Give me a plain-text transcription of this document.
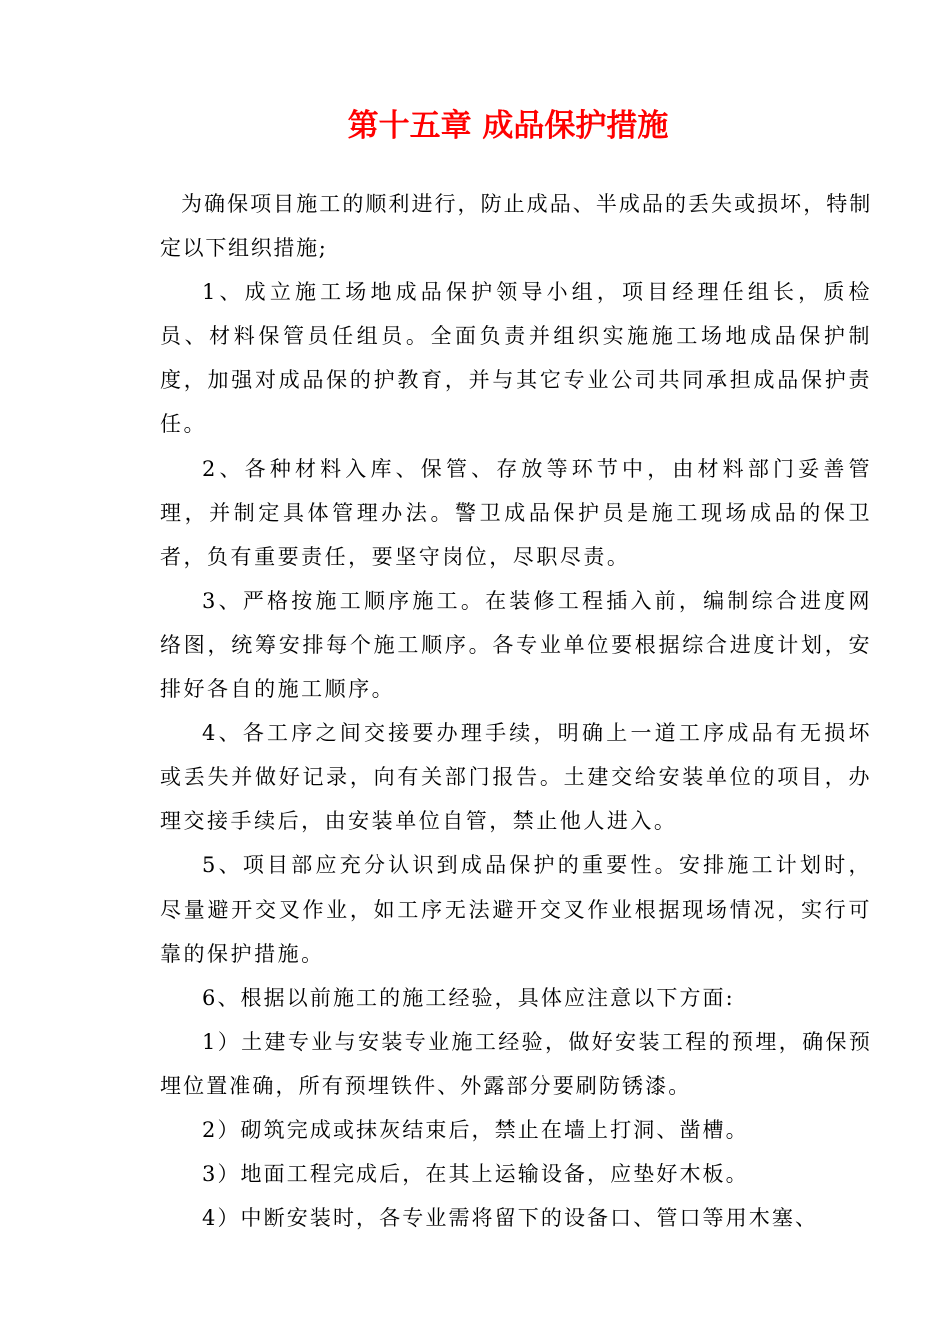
第十五章 成品保护措施

为确保项目施工的顺利进行，防止成品、半成品的丢失或损坏，特制定以下组织措施;

1、成立施工场地成品保护领导小组，项目经理任组长，质检员、材料保管员任组员。全面负责并组织实施施工场地成品保护制度，加强对成品保的护教育，并与其它专业公司共同承担成品保护责任。

2、各种材料入库、保管、存放等环节中，由材料部门妥善管理，并制定具体管理办法。警卫成品保护员是施工现场成品的保卫者，负有重要责任，要坚守岗位，尽职尽责。

3、严格按施工顺序施工。在装修工程插入前，编制综合进度网络图，统筹安排每个施工顺序。各专业单位要根据综合进度计划，安排好各自的施工顺序。

4、各工序之间交接要办理手续，明确上一道工序成品有无损坏或丢失并做好记录，向有关部门报告。土建交给安装单位的项目，办理交接手续后，由安装单位自管，禁止他人进入。

5、项目部应充分认识到成品保护的重要性。安排施工计划时，尽量避开交叉作业，如工序无法避开交叉作业根据现场情况，实行可靠的保护措施。

6、根据以前施工的施工经验，具体应注意以下方面:

1）土建专业与安装专业施工经验，做好安装工程的预埋，确保预埋位置准确，所有预埋铁件、外露部分要刷防锈漆。

2）砌筑完成或抹灰结束后，禁止在墙上打洞、凿槽。

3）地面工程完成后，在其上运输设备，应垫好木板。

4）中断安装时，各专业需将留下的设备口、管口等用木塞、
